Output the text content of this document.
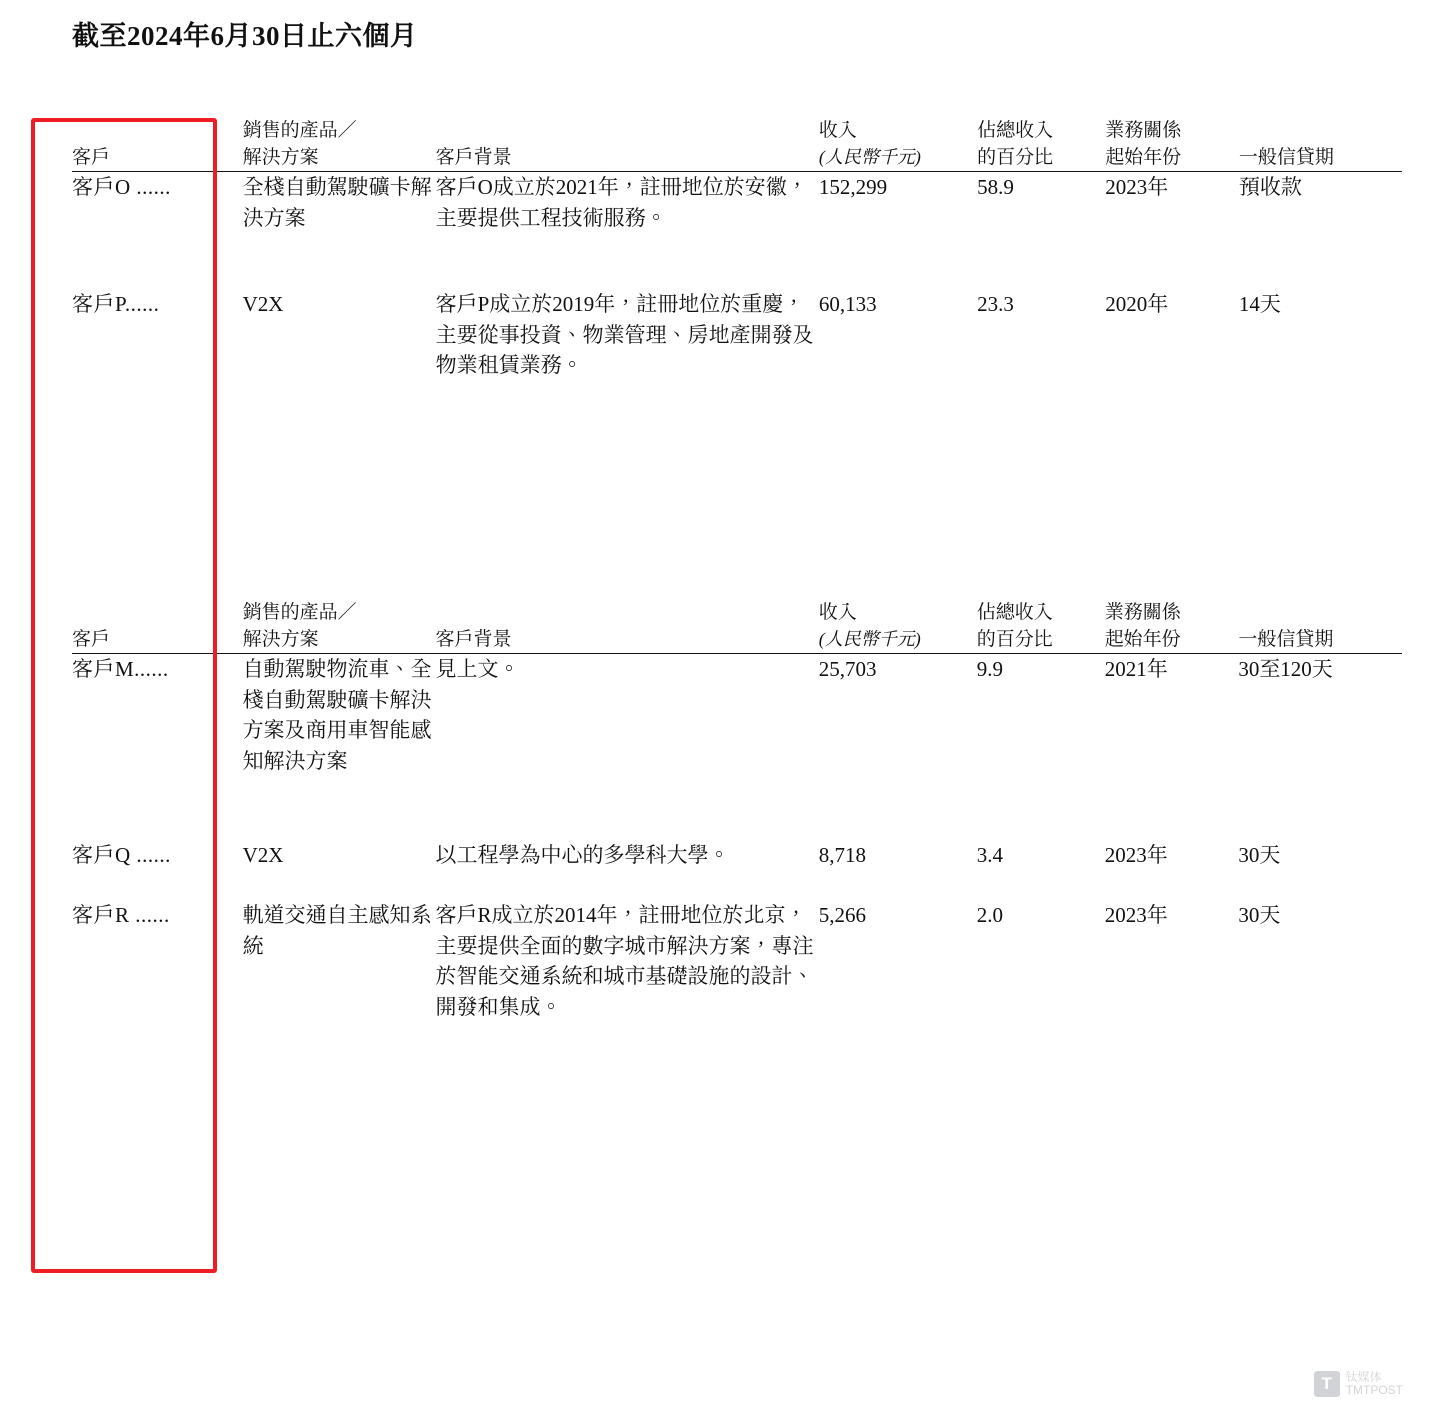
截至2024年6月30日止六個月
	銷售的產品／		收入	佔總收入	業務關係	
客戶	解決方案	客戶背景	(人民幣千元)	的百分比	起始年份	一般信貸期
客戶O ......	全棧自動駕駛礦卡解決方案	客戶O成立於2021年，註冊地位於安徽，主要提供工程技術服務。	152,299	58.9	2023年	預收款

客戶P......	V2X	客戶P成立於2019年，註冊地位於重慶，主要從事投資、物業管理、房地產開發及物業租賃業務。	60,133	23.3	2020年	14天
	銷售的產品／		收入	佔總收入	業務關係	
客戶	解決方案	客戶背景	(人民幣千元)	的百分比	起始年份	一般信貸期
客戶M......	自動駕駛物流車、全棧自動駕駛礦卡解決方案及商用車智能感知解決方案	見上文。	25,703	9.9	2021年	30至120天

客戶Q ......	V2X	以工程學為中心的多學科大學。	8,718	3.4	2023年	30天

客戶R ......	軌道交通自主感知系統	客戶R成立於2014年，註冊地位於北京，主要提供全面的數字城市解決方案，專注於智能交通系統和城市基礎設施的設計、開發和集成。	5,266	2.0	2023年	30天
T	钛媒体
TMTPOST
